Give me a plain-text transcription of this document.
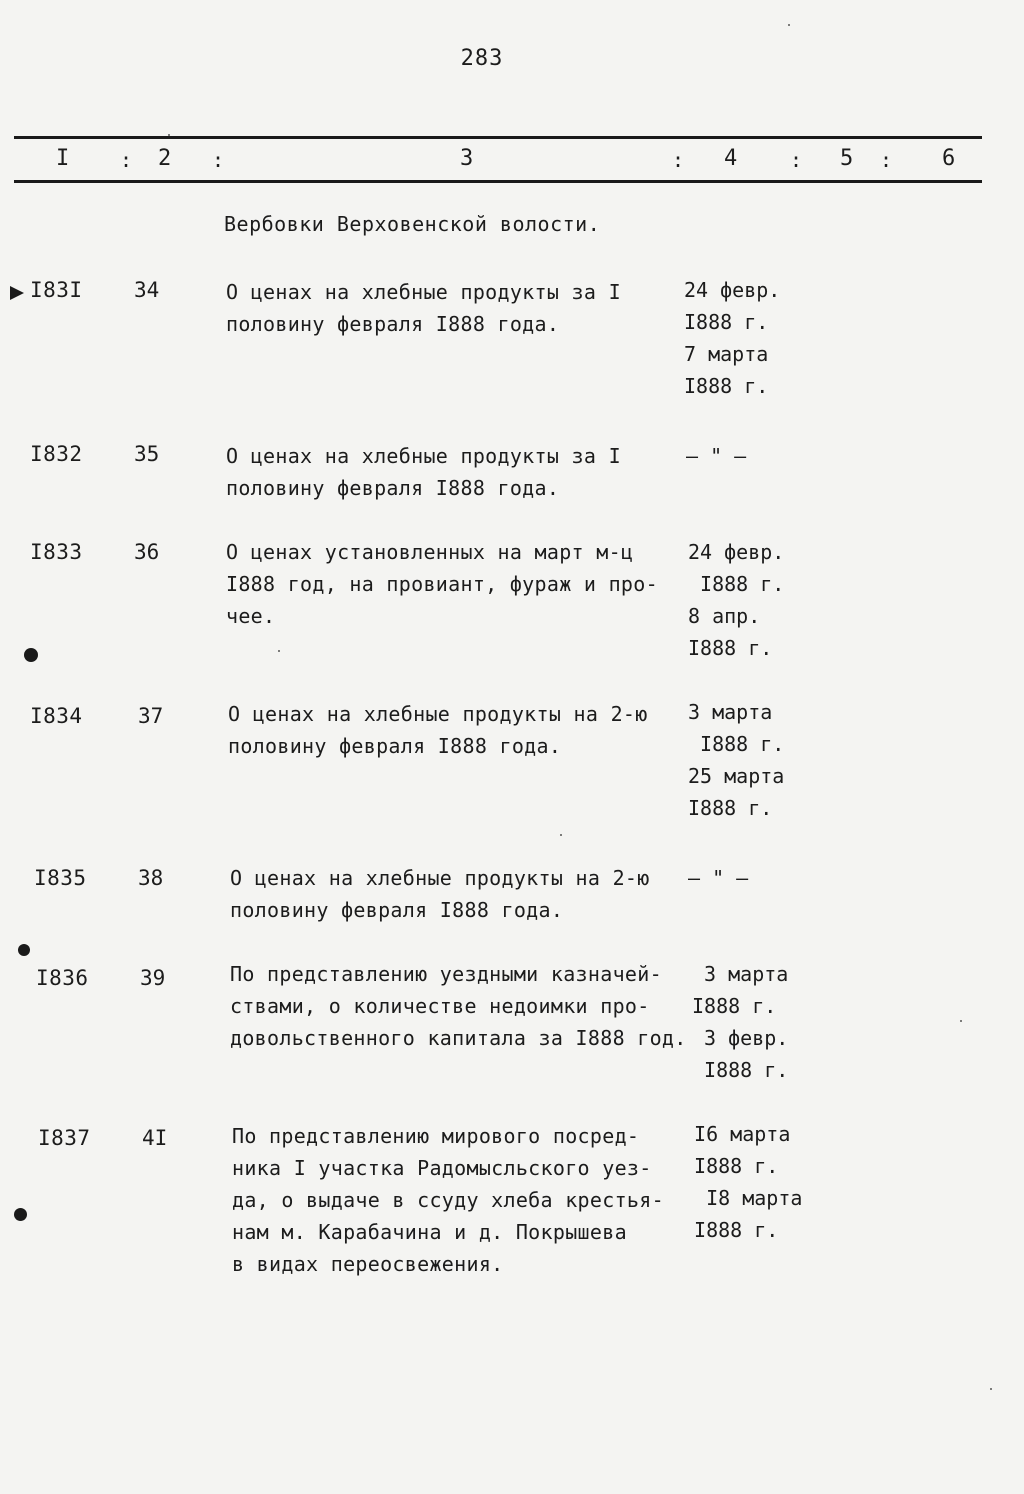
283
I	: 2 :	3	: 4	: 5 : 6
Вербовки Верховенской волости.
I83I 34	О ценах на хлебные продукты за I
половину февраля I888 года.
24 февр.
I888 г.
7 марта
I888 г.
I832 35	О ценах на хлебные продукты за I
половину февраля I888 года.
– " –
I833 36	О ценах установленных на март м-ц
I888 год, на провиант, фураж и про-
чее.
24 февр.
I888 г.
8 апр.
I888 г.
I834	37	О ценах на хлебные продукты на 2-ю
половину февраля I888 года.
3 марта
I888 г.
25 марта
I888 г.
I835 38	О ценах на хлебные продукты на 2-ю
половину февраля I888 года.
– " –
I836 39	По представлению уездными казначей-
ствами, о количестве недоимки про-
довольственного капитала за I888 год.
3 марта
I888 г.
3 февр.
I888 г.
I837 4I	По представлению мирового посред-
ника I участка Радомысльского уез-
да, о выдаче в ссуду хлеба крестья-
нам м. Карабачина и д. Покрышева
в видах переосвежения.
I6 марта
I888 г.
I8 марта
I888 г.
